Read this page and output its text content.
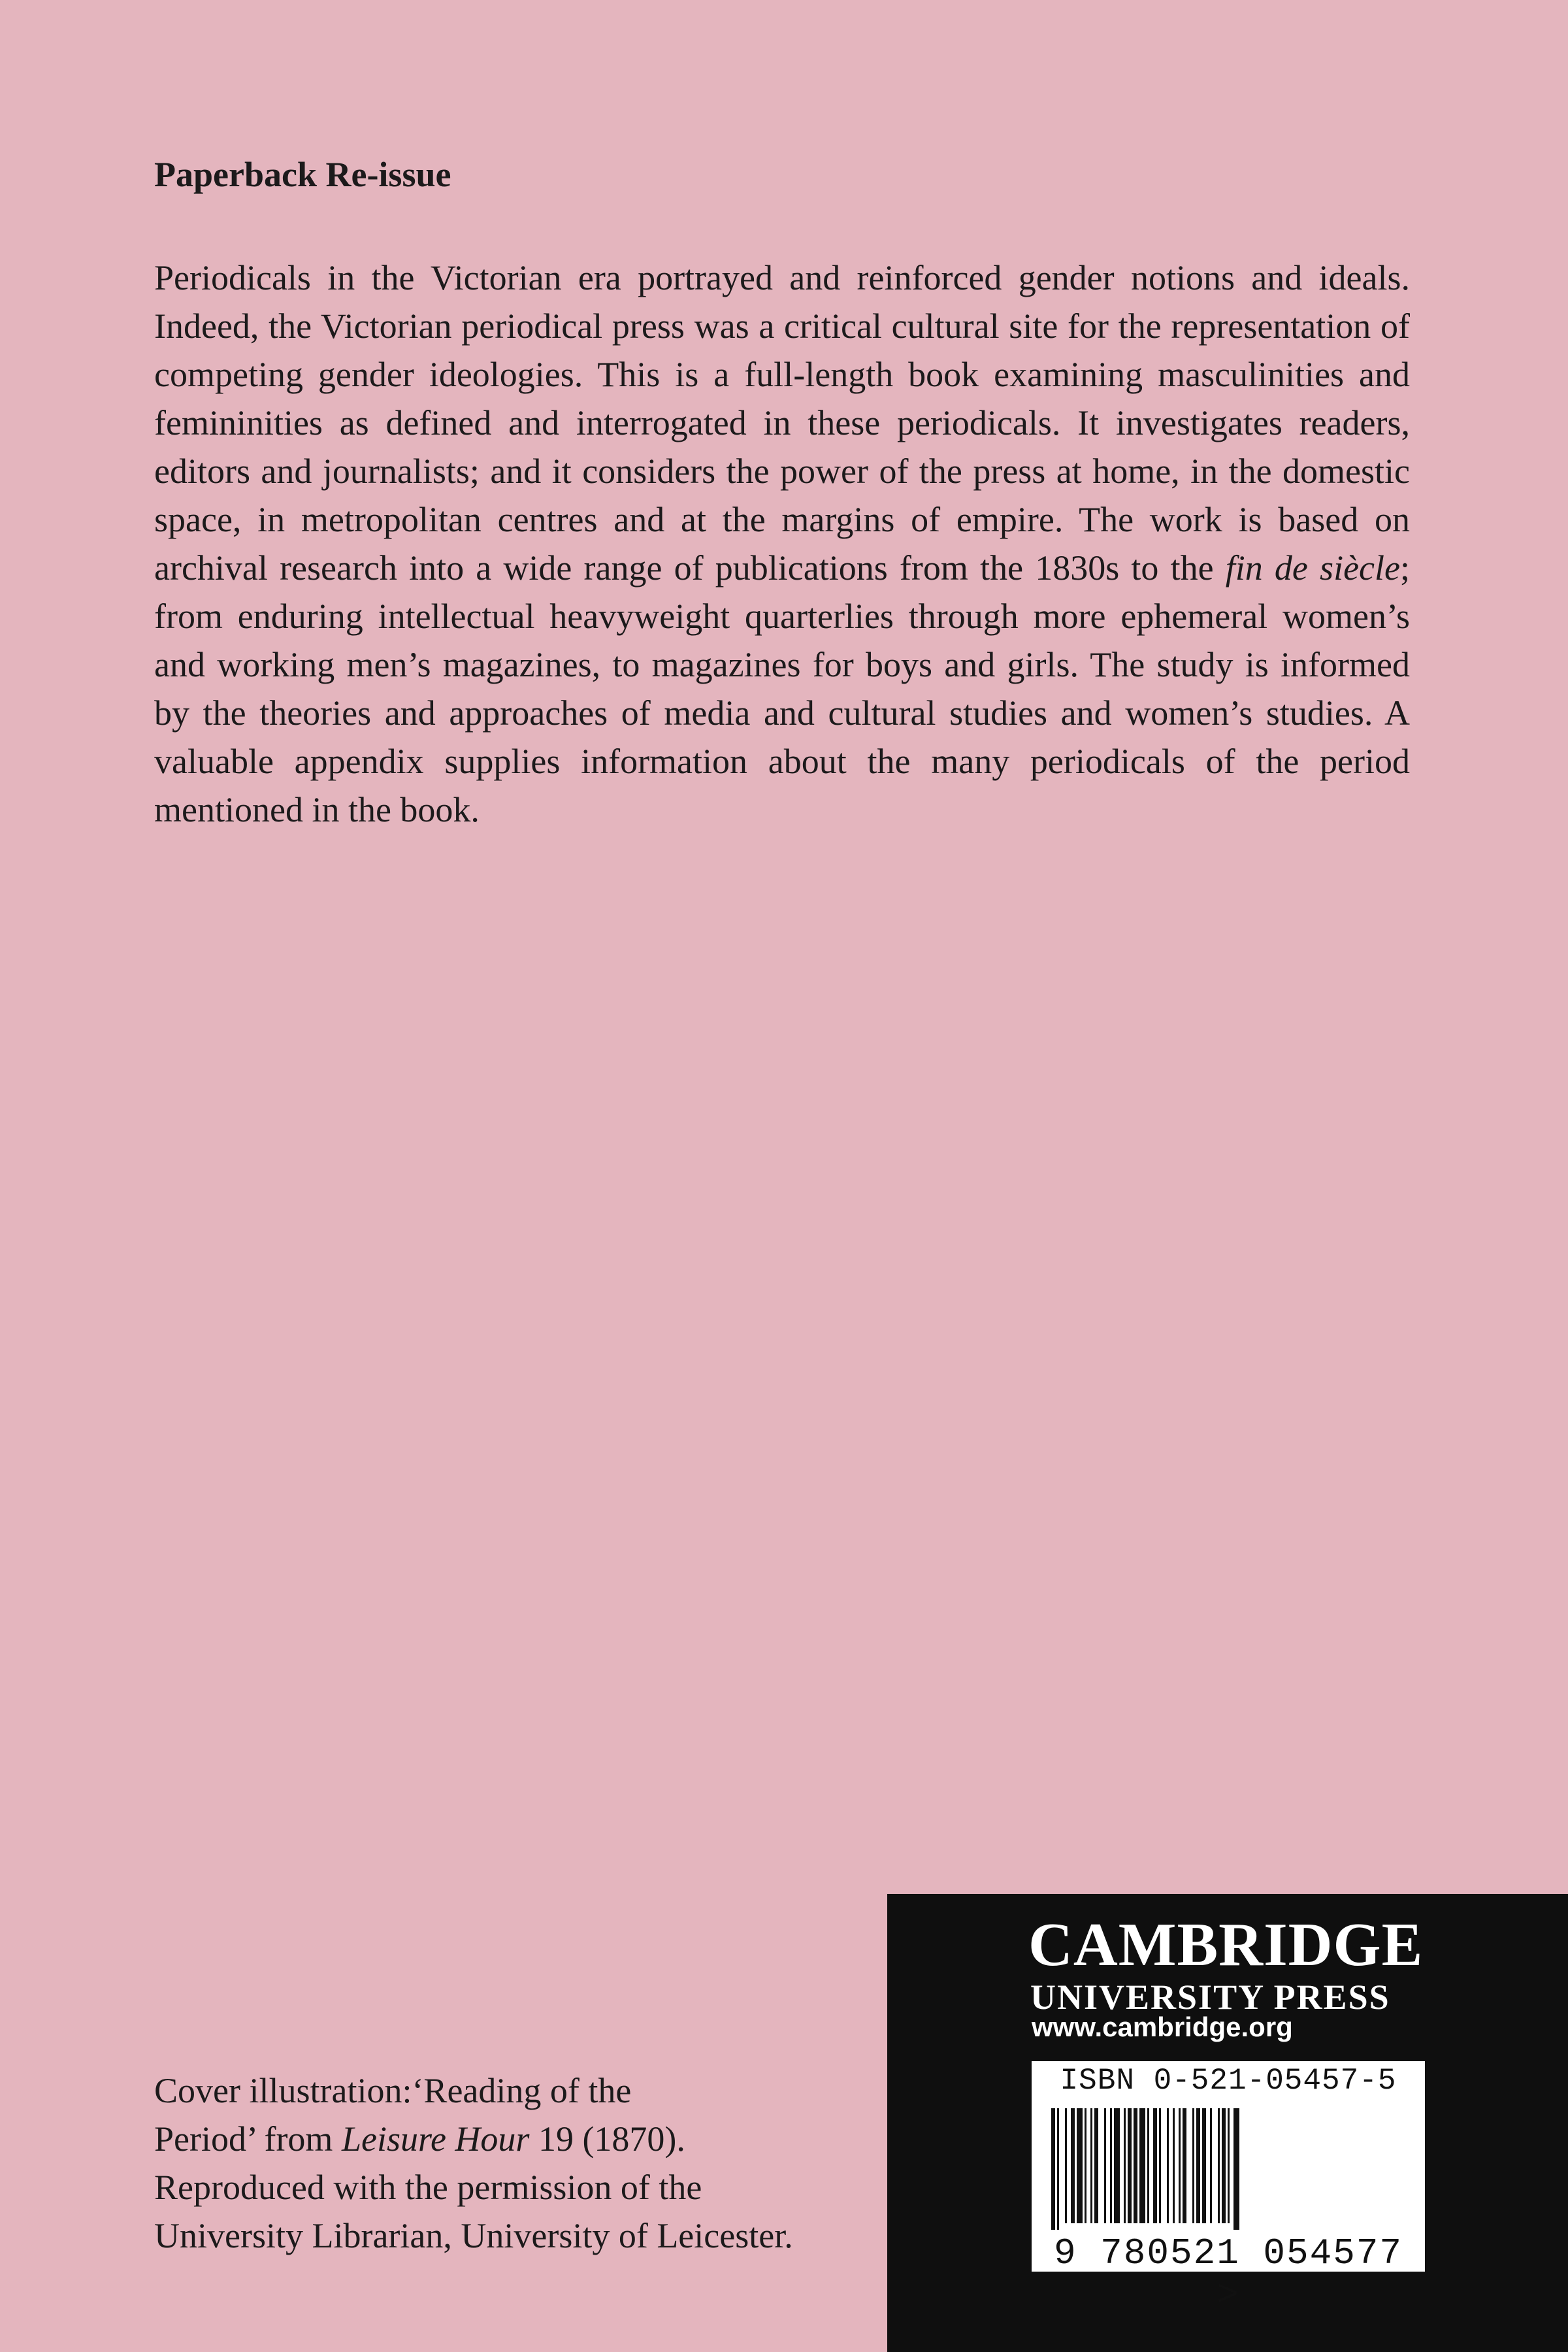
Paperback Re-issue

Periodicals in the Victorian era portrayed and reinforced gender notions and ideals. Indeed, the Victorian periodical press was a critical cultural site for the representation of competing gender ideologies. This is a full-length book examining masculinities and femininities as defined and interrogated in these periodicals. It investigates readers, editors and journalists; and it considers the power of the press at home, in the domestic space, in metropolitan centres and at the margins of empire. The work is based on archival research into a wide range of publications from the 1830s to the fin de siècle; from enduring intellectual heavyweight quarterlies through more ephemeral women’s and working men’s magazines, to magazines for boys and girls. The study is informed by the theories and approaches of media and cultural studies and women’s studies. A valuable appendix supplies information about the many periodicals of the period mentioned in the book.

Cover illustration:‘Reading of the
Period’ from Leisure Hour 19 (1870).
Reproduced with the permission of the
University Librarian, University of Leicester.

CAMBRIDGE
UNIVERSITY PRESS
www.cambridge.org
ISBN 0-521-05457-5
9 780521 054577 >
